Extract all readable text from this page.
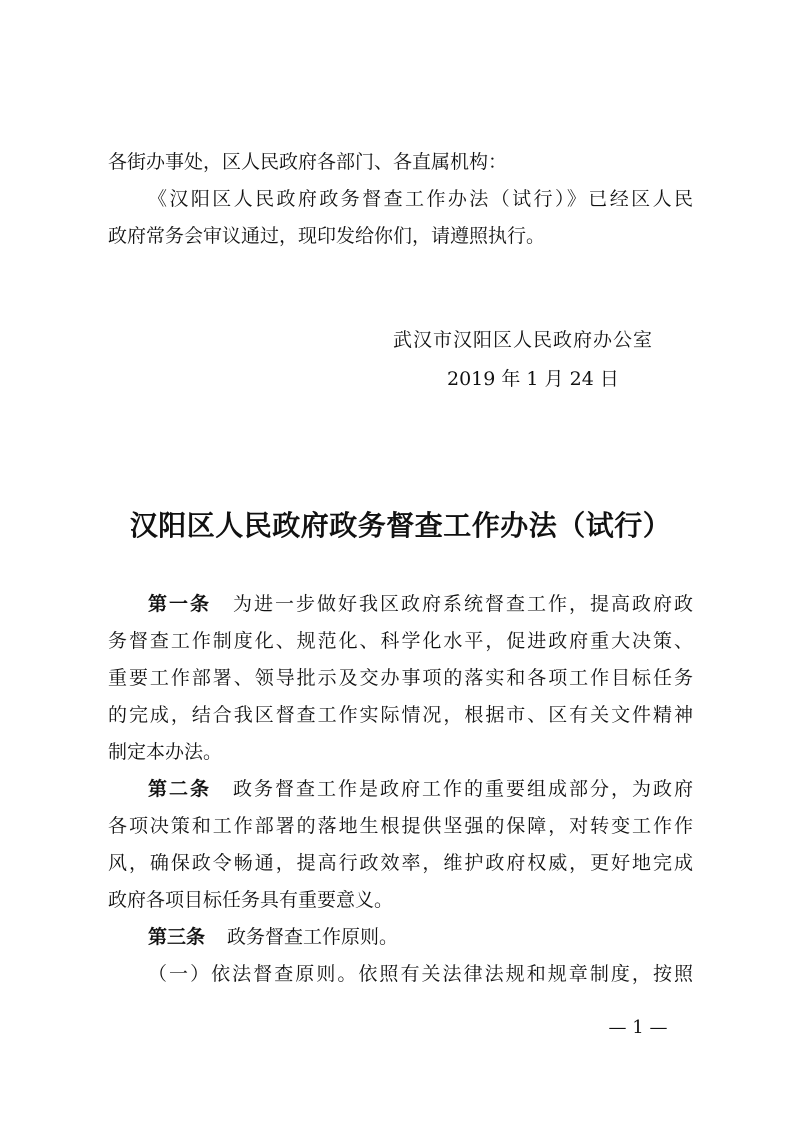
各街办事处，区人民政府各部门、各直属机构：
《汉阳区人民政府政务督查工作办法（试行）》已经区人民
政府常务会审议通过，现印发给你们，请遵照执行。
武汉市汉阳区人民政府办公室
2019 年 1 月 24 日
汉阳区人民政府政务督查工作办法（试行）
第一条 为进一步做好我区政府系统督查工作，提高政府政
务督查工作制度化、规范化、科学化水平，促进政府重大决策、
重要工作部署、领导批示及交办事项的落实和各项工作目标任务
的完成，结合我区督查工作实际情况，根据市、区有关文件精神
制定本办法。
第二条 政务督查工作是政府工作的重要组成部分，为政府
各项决策和工作部署的落地生根提供坚强的保障，对转变工作作
风，确保政令畅通，提高行政效率，维护政府权威，更好地完成
政府各项目标任务具有重要意义。
第三条 政务督查工作原则。
（一）依法督查原则。依照有关法律法规和规章制度，按照
— 1 —
